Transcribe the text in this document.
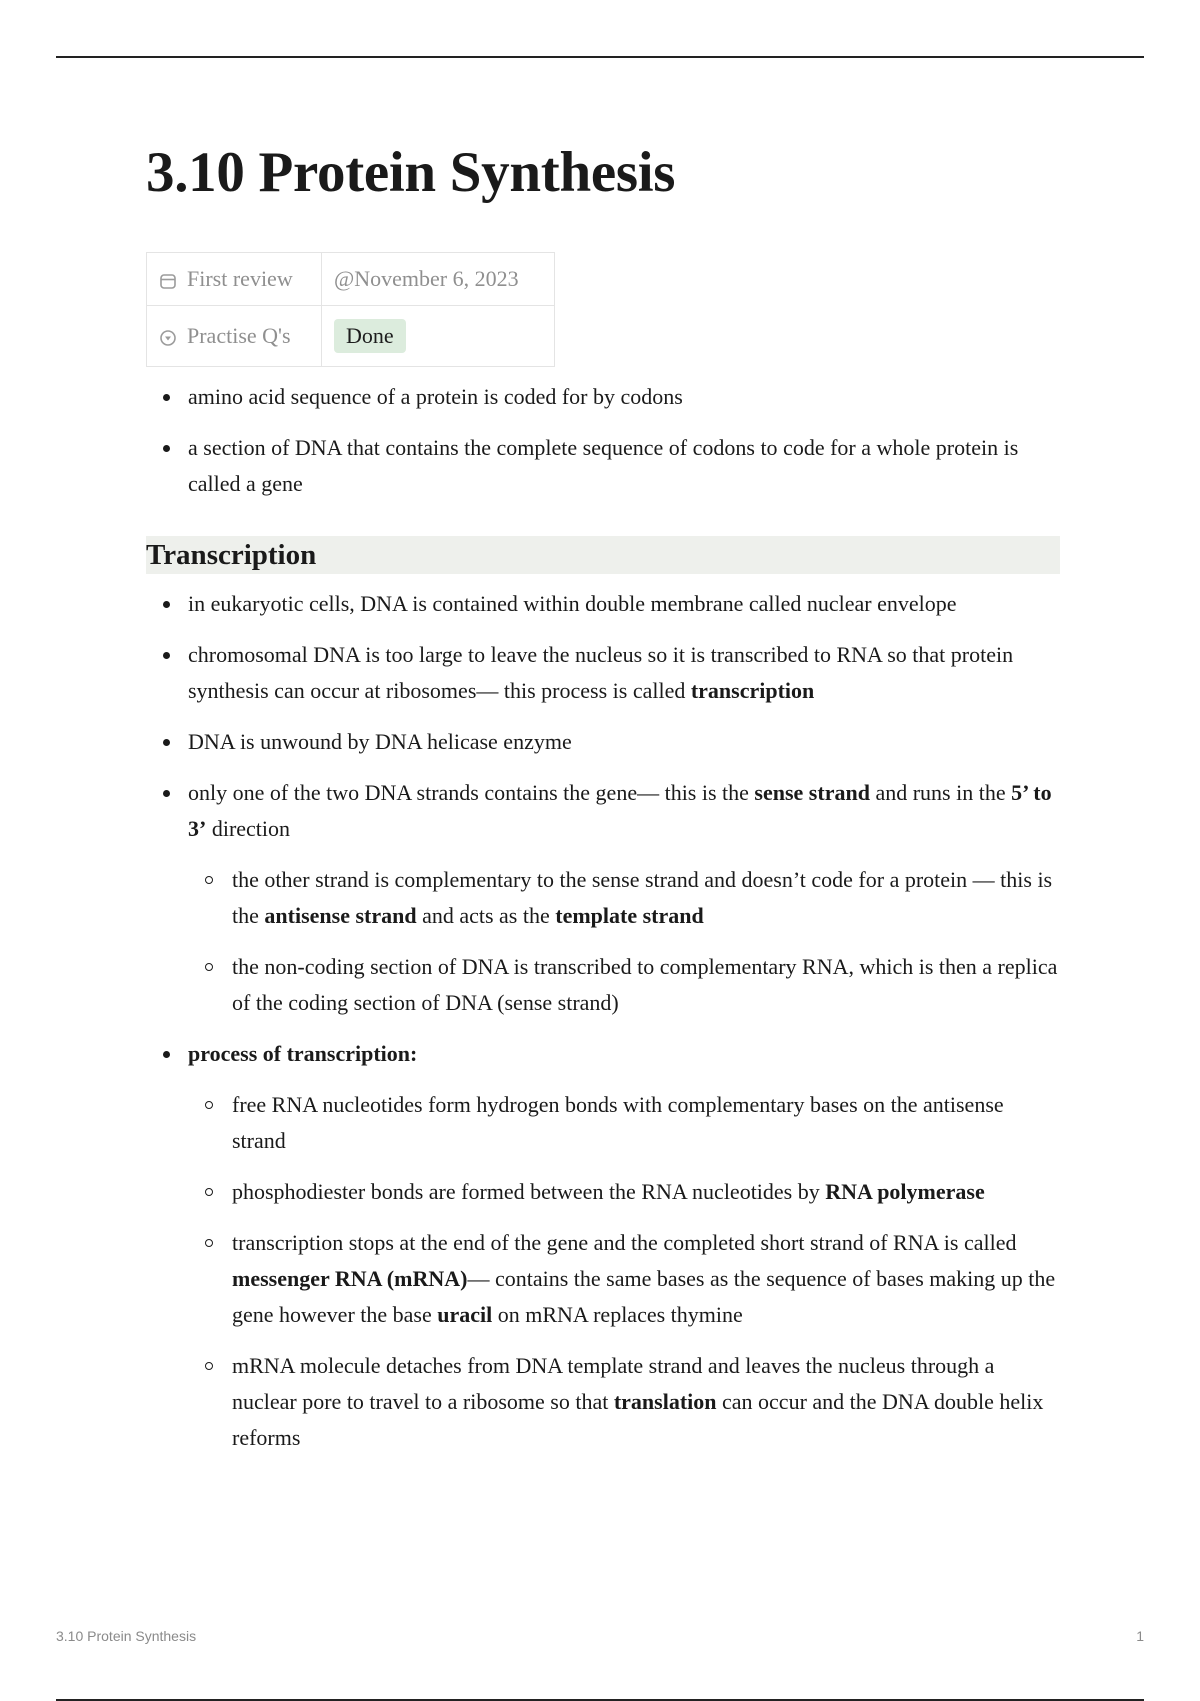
3.10 Protein Synthesis
First review	@November 6, 2023

Practise Q's	Done
amino acid sequence of a protein is coded for by codons
a section of DNA that contains the complete sequence of codons to code for a whole protein is called a gene
Transcription
in eukaryotic cells, DNA is contained within double membrane called nuclear envelope
chromosomal DNA is too large to leave the nucleus so it is transcribed to RNA so that protein synthesis can occur at ribosomes— this process is called transcription
DNA is unwound by DNA helicase enzyme
only one of the two DNA strands contains the gene— this is the sense strand and runs in the 5’ to 3’ direction
the other strand is complementary to the sense strand and doesn’t code for a protein — this is the antisense strand and acts as the template strand
the non-coding section of DNA is transcribed to complementary RNA, which is then a replica of the coding section of DNA (sense strand)
process of transcription:
free RNA nucleotides form hydrogen bonds with complementary bases on the antisense strand
phosphodiester bonds are formed between the RNA nucleotides by RNA polymerase
transcription stops at the end of the gene and the completed short strand of RNA is called messenger RNA (mRNA)— contains the same bases as the sequence of bases making up the gene however the base uracil on mRNA replaces thymine
mRNA molecule detaches from DNA template strand and leaves the nucleus through a nuclear pore to travel to a ribosome so that translation can occur and the DNA double helix reforms
3.10 Protein Synthesis	1
